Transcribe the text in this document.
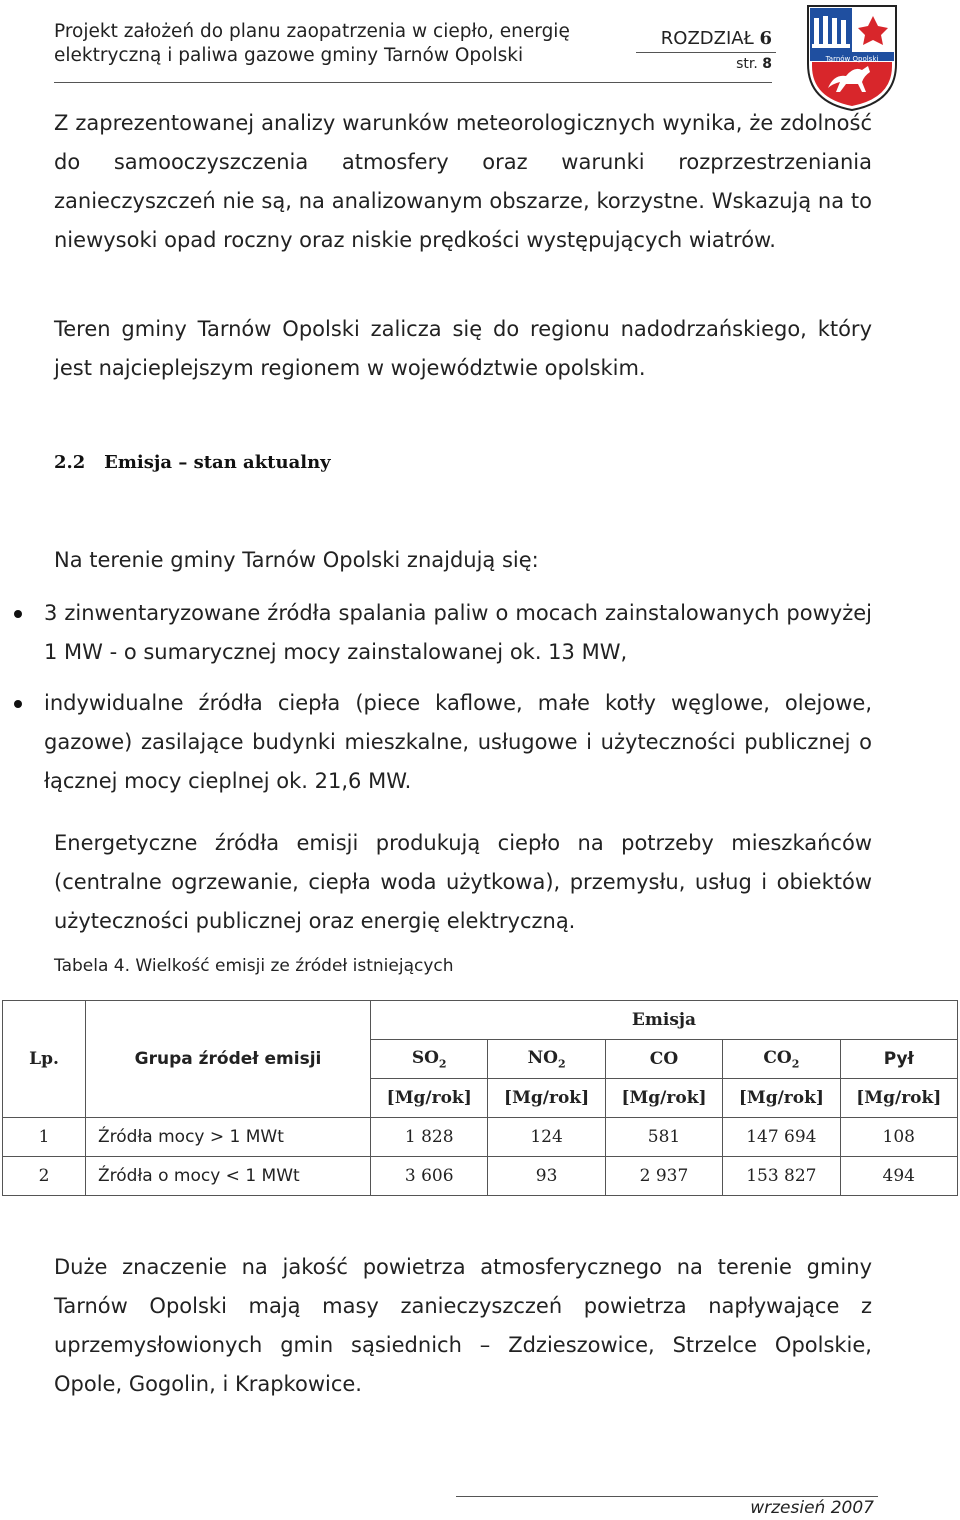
Projekt założeń do planu zaopatrzenia w ciepło, energię
elektryczną i paliwa gazowe gminy Tarnów Opolski
ROZDZIAŁ 6
str. 8	Tarnów Opolski
Z zaprezentowanej analizy warunków meteorologicznych wynika, że zdolność do samooczyszczenia atmosfery oraz warunki rozprzestrzeniania zanieczyszczeń nie są, na analizowanym obszarze, korzystne. Wskazują na to niewysoki opad roczny oraz niskie prędkości występujących wiatrów.
Teren gminy Tarnów Opolski zalicza się do regionu nadodrzańskiego, który jest najcieplejszym regionem w województwie opolskim.
2.2 Emisja – stan aktualny
Na terenie gminy Tarnów Opolski znajdują się:
3 zinwentaryzowane źródła spalania paliw o mocach zainstalowanych powyżej 1 MW - o sumarycznej mocy zainstalowanej ok. 13 MW,
indywidualne źródła ciepła (piece kaflowe, małe kotły węglowe, olejowe, gazowe) zasilające budynki mieszkalne, usługowe i użyteczności publicznej o łącznej mocy cieplnej ok. 21,6 MW.
Energetyczne źródła emisji produkują ciepło na potrzeby mieszkańców (centralne ogrzewanie, ciepła woda użytkowa), przemysłu, usług i obiektów użyteczności publicznej oraz energię elektryczną.
Tabela 4. Wielkość emisji ze źródeł istniejących
Lp.	Grupa źródeł emisji	Emisja				
		$SO_2$	$NO_2$	CO	$CO_2$	Pył
		[Mg/rok]	[Mg/rok]	[Mg/rok]	[Mg/rok]	[Mg/rok]
1	Źródła mocy > 1 MWt	1 828	124	581	147 694	108
2	Źródła o mocy < 1 MWt	3 606	93	2 937	153 827	494
Duże znaczenie na jakość powietrza atmosferycznego na terenie gminy Tarnów Opolski mają masy zanieczyszczeń powietrza napływające z uprzemysłowionych gmin sąsiednich – Zdzieszowice, Strzelce Opolskie, Opole, Gogolin, i Krapkowice.
wrzesień 2007
